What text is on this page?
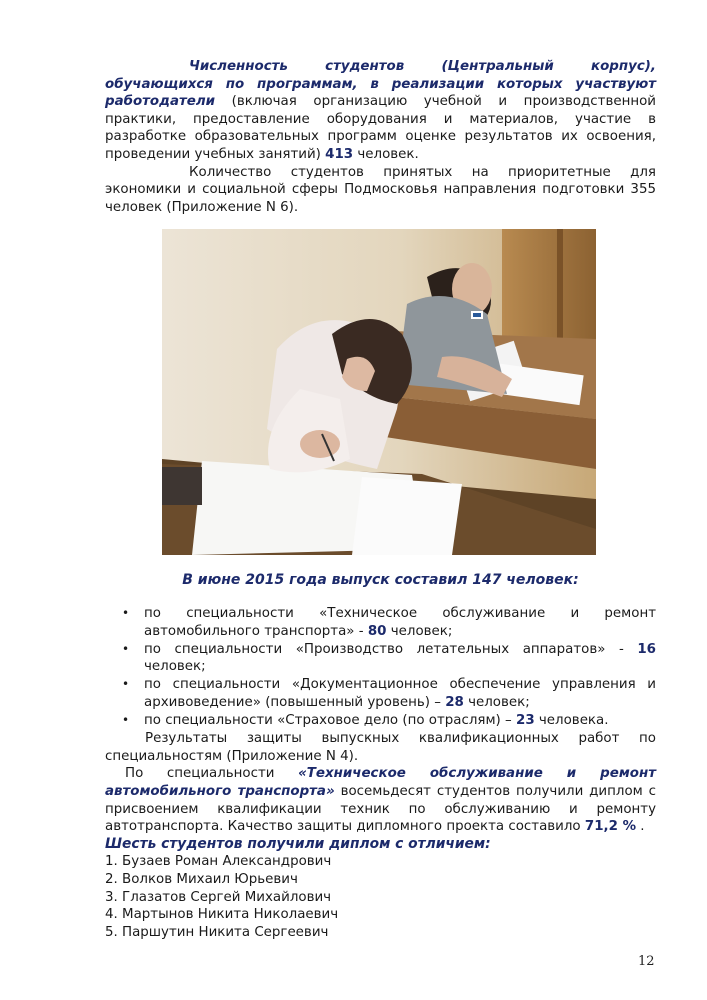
Численность студентов (Центральный корпус), обучающихся по программам, в реализации которых участвуют работодатели (включая организацию учебной и производственной практики, предоставление оборудования и материалов, участие в разработке образовательных программ оценке результатов их освоения, проведении учебных занятий) 413 человек.

Количество студентов принятых на приоритетные для экономики и социальной сферы Подмосковья направления подготовки 355 человек (Приложение N 6).

В июне 2015 года выпуск составил 147 человек:
• по специальности «Техническое обслуживание и ремонт автомобильного транспорта» - 80 человек;
• по специальности «Производство летательных аппаратов» - 16 человек;
• по специальности «Документационное обеспечение управления и архивоведение» (повышенный уровень) – 28 человек;
• по специальности «Страховое дело (по отраслям) – 23 человека.

Результаты защиты выпускных квалификационных работ по специальностям (Приложение N 4).

По специальности «Техническое обслуживание и ремонт автомобильного транспорта» восемьдесят студентов получили диплом с присвоением квалификации техник по обслуживанию и ремонту автотранспорта. Качество защиты дипломного проекта составило 71,2 % .

Шесть студентов получили диплом с отличием:

1. Бузаев Роман Александрович
2. Волков Михаил Юрьевич
3. Глазатов Сергей Михайлович
4. Мартынов Никита Николаевич
5. Паршутин Никита Сергеевич
12
